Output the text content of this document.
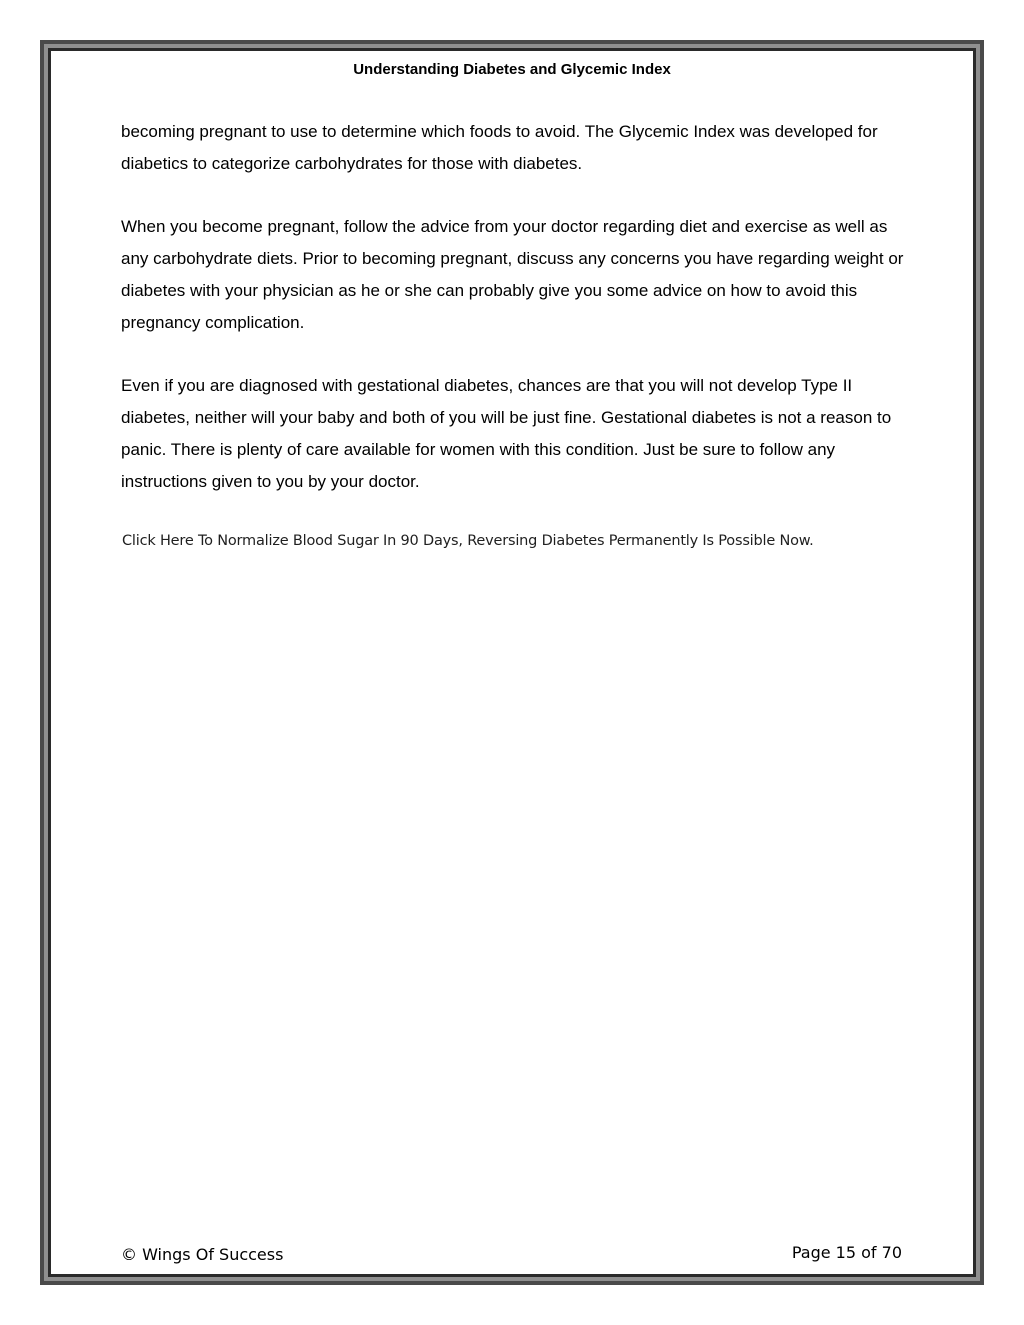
Understanding Diabetes and Glycemic Index

becoming pregnant to use to determine which foods to avoid. The Glycemic Index was developed for diabetics to categorize carbohydrates for those with diabetes.

When you become pregnant, follow the advice from your doctor regarding diet and exercise as well as any carbohydrate diets. Prior to becoming pregnant, discuss any concerns you have regarding weight or diabetes with your physician as he or she can probably give you some advice on how to avoid this pregnancy complication.

Even if you are diagnosed with gestational diabetes, chances are that you will not develop Type II diabetes, neither will your baby and both of you will be just fine. Gestational diabetes is not a reason to panic. There is plenty of care available for women with this condition. Just be sure to follow any instructions given to you by your doctor.

Click Here To Normalize Blood Sugar In 90 Days, Reversing Diabetes Permanently Is Possible Now.
© Wings Of Success	Page 15 of 70
